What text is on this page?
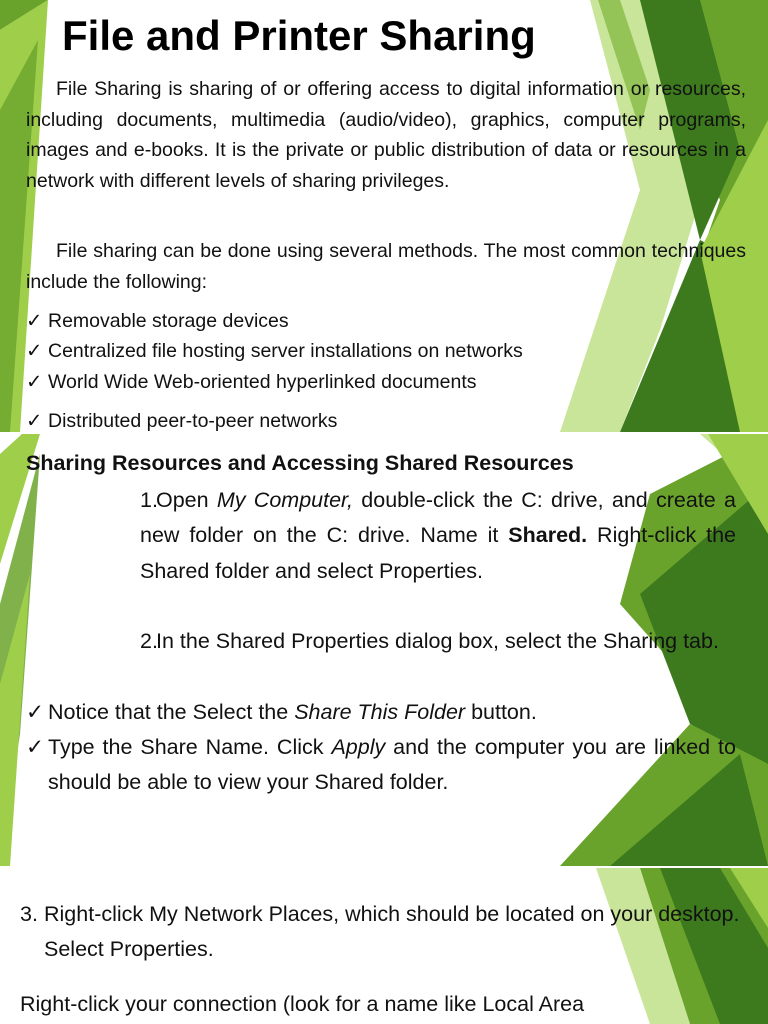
File and Printer Sharing
File Sharing is sharing of or offering access to digital information or resources, including documents, multimedia (audio/video), graphics, computer programs, images and e-books. It is the private or public distribution of data or resources in a network with different levels of sharing privileges.
File sharing can be done using several methods. The most common techniques include the following:
✓ Removable storage devices
✓ Centralized file hosting server installations on networks
✓ World Wide Web-oriented hyperlinked documents
✓ Distributed peer-to-peer networks
Sharing Resources and Accessing Shared Resources
1.Open My Computer, double-click the C: drive, and create a new folder on the C: drive. Name it Shared. Right-click the Shared folder and select Properties.
2.In the Shared Properties dialog box, select the Sharing tab.
✓ Notice that the Select the Share This Folder button.
✓ Type the Share Name. Click Apply and the computer you are linked to should be able to view your Shared folder.
3. Right-click My Network Places, which should be located on your desktop. Select Properties.
Right-click your connection (look for a name like Local Area
